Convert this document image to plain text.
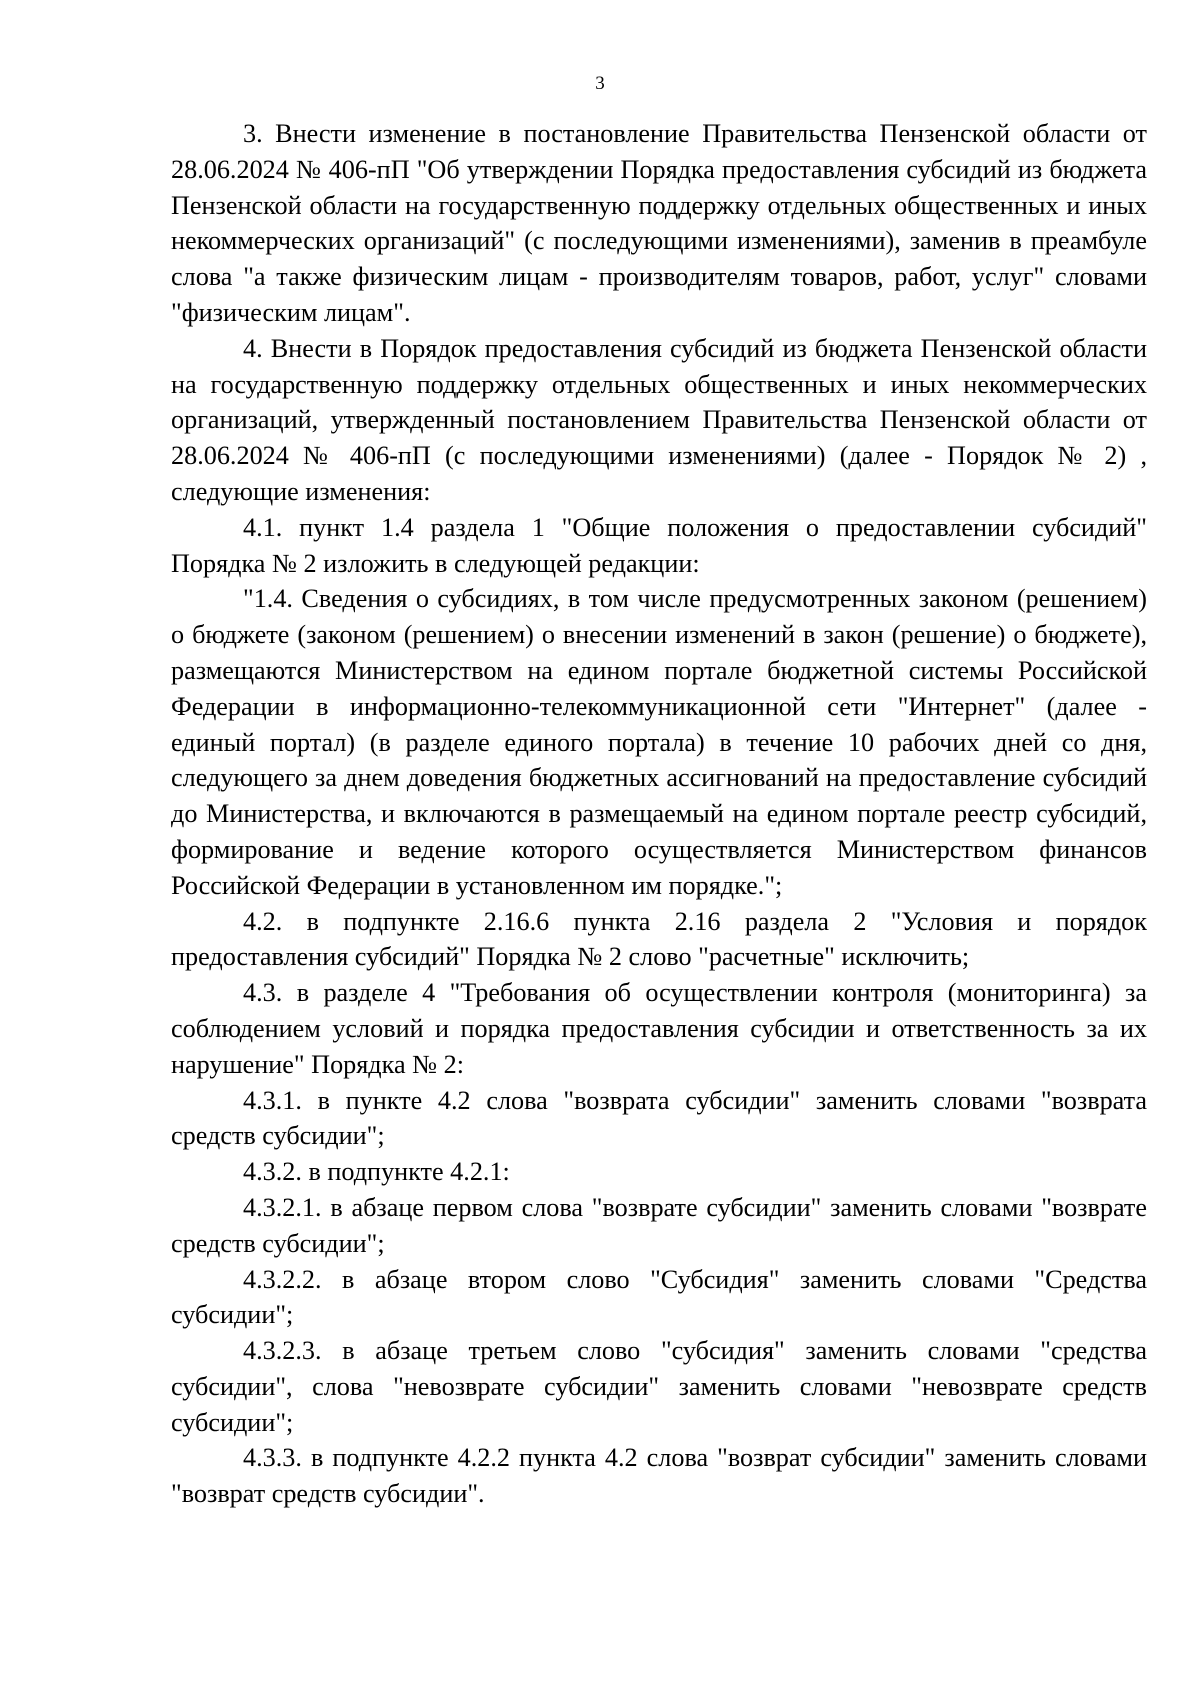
3

3. Внести изменение в постановление Правительства Пензенской области от 28.06.2024 № 406-пП "Об утверждении Порядка предоставления субсидий из бюджета Пензенской области на государственную поддержку отдельных общественных и иных некоммерческих организаций" (с последующими изменениями), заменив в преамбуле слова "а также физическим лицам - производителям товаров, работ, услуг" словами "физическим лицам".

4. Внести в Порядок предоставления субсидий из бюджета Пензенской области на государственную поддержку отдельных общественных и иных некоммерческих организаций, утвержденный постановлением Правительства Пензенской области от 28.06.2024 № 406-пП (с последующими изменениями) (далее - Порядок № 2) , следующие изменения:

4.1. пункт 1.4 раздела 1 "Общие положения о предоставлении субсидий" Порядка № 2 изложить в следующей редакции:

"1.4. Сведения о субсидиях, в том числе предусмотренных законом (решением) о бюджете (законом (решением) о внесении изменений в закон (решение) о бюджете), размещаются Министерством на едином портале бюджетной системы Российской Федерации в информационно-телекоммуникационной сети "Интернет" (далее - единый портал) (в разделе единого портала) в течение 10 рабочих дней со дня, следующего за днем доведения бюджетных ассигнований на предоставление субсидий до Министерства, и включаются в размещаемый на едином портале реестр субсидий, формирование и ведение которого осуществляется Министерством финансов Российской Федерации в установленном им порядке.";

4.2. в подпункте 2.16.6 пункта 2.16 раздела 2 "Условия и порядок предоставления субсидий" Порядка № 2 слово "расчетные" исключить;

4.3. в разделе 4 "Требования об осуществлении контроля (мониторинга) за соблюдением условий и порядка предоставления субсидии и ответственность за их нарушение" Порядка № 2:

4.3.1. в пункте 4.2 слова "возврата субсидии" заменить словами "возврата средств субсидии";

4.3.2. в подпункте 4.2.1:

4.3.2.1. в абзаце первом слова "возврате субсидии" заменить словами "возврате средств субсидии";

4.3.2.2. в абзаце втором слово "Субсидия" заменить словами "Средства субсидии";

4.3.2.3. в абзаце третьем слово "субсидия" заменить словами "средства субсидии", слова "невозврате субсидии" заменить словами "невозврате средств субсидии";

4.3.3. в подпункте 4.2.2 пункта 4.2 слова "возврат субсидии" заменить словами "возврат средств субсидии".
